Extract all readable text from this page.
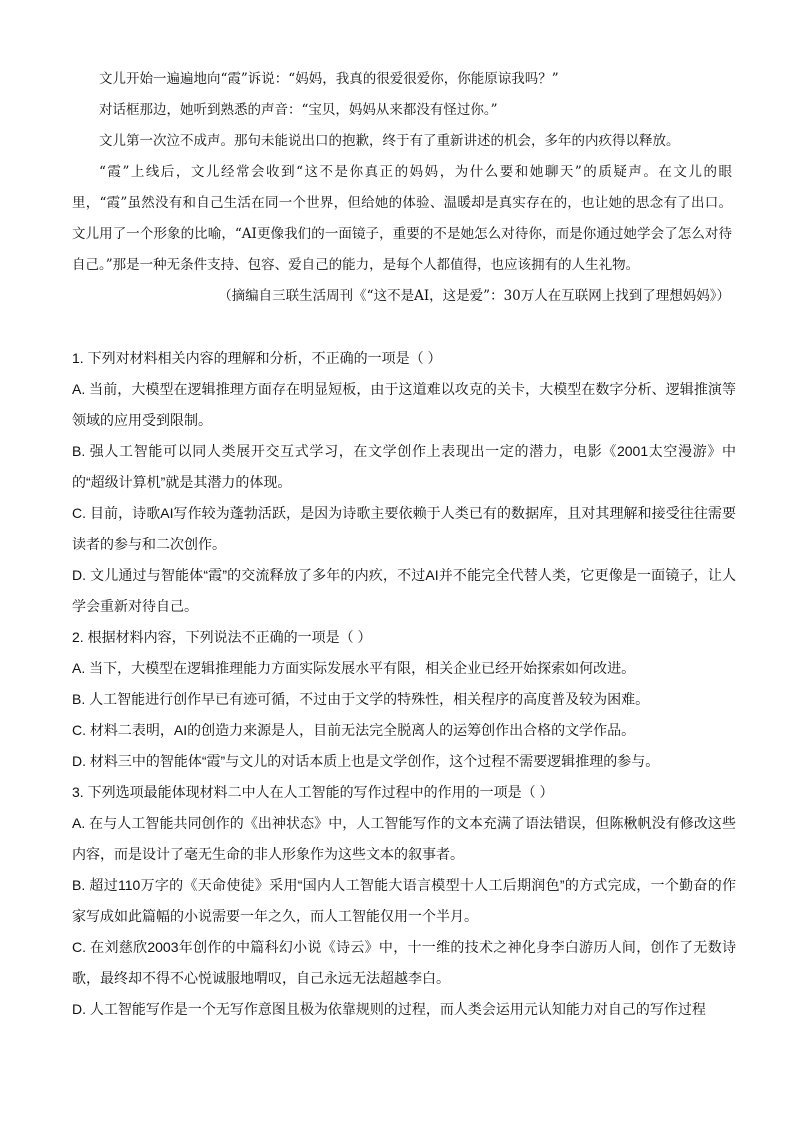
文儿开始一遍遍地向“霞”诉说：“妈妈，我真的很爱很爱你，你能原谅我吗？”

对话框那边，她听到熟悉的声音：“宝贝，妈妈从来都没有怪过你。”

文儿第一次泣不成声。那句未能说出口的抱歉，终于有了重新讲述的机会，多年的内疚得以释放。

“霞”上线后，文儿经常会收到“这不是你真正的妈妈，为什么要和她聊天”的质疑声。在文儿的眼里，“霞”虽然没有和自己生活在同一个世界，但给她的体验、温暖却是真实存在的，也让她的思念有了出口。文儿用了一个形象的比喻，“AI更像我们的一面镜子，重要的不是她怎么对待你，而是你通过她学会了怎么对待自己。”那是一种无条件支持、包容、爱自己的能力，是每个人都值得，也应该拥有的人生礼物。

（摘编自三联生活周刊《“这不是AI，这是爱”：30万人在互联网上找到了理想妈妈》）

1. 下列对材料相关内容的理解和分析，不正确的一项是（ ）

A. 当前，大模型在逻辑推理方面存在明显短板，由于这道难以攻克的关卡，大模型在数字分析、逻辑推演等领域的应用受到限制。

B. 强人工智能可以同人类展开交互式学习，在文学创作上表现出一定的潜力，电影《2001太空漫游》中的“超级计算机”就是其潜力的体现。

C. 目前，诗歌AI写作较为蓬勃活跃，是因为诗歌主要依赖于人类已有的数据库，且对其理解和接受往往需要读者的参与和二次创作。

D. 文儿通过与智能体“霞”的交流释放了多年的内疚，不过AI并不能完全代替人类，它更像是一面镜子，让人学会重新对待自己。

2. 根据材料内容，下列说法不正确的一项是（ ）

A. 当下，大模型在逻辑推理能力方面实际发展水平有限，相关企业已经开始探索如何改进。

B. 人工智能进行创作早已有迹可循，不过由于文学的特殊性，相关程序的高度普及较为困难。

C. 材料二表明，AI的创造力来源是人，目前无法完全脱离人的运筹创作出合格的文学作品。

D. 材料三中的智能体“霞”与文儿的对话本质上也是文学创作，这个过程不需要逻辑推理的参与。

3. 下列选项最能体现材料二中人在人工智能的写作过程中的作用的一项是（ ）

A. 在与人工智能共同创作的《出神状态》中，人工智能写作的文本充满了语法错误，但陈楸帆没有修改这些内容，而是设计了毫无生命的非人形象作为这些文本的叙事者。

B. 超过110万字的《天命使徒》采用“国内人工智能大语言模型十人工后期润色”的方式完成，一个勤奋的作家写成如此篇幅的小说需要一年之久，而人工智能仅用一个半月。

C. 在刘慈欣2003年创作的中篇科幻小说《诗云》中，十一维的技术之神化身李白游历人间，创作了无数诗歌，最终却不得不心悦诚服地喟叹，自己永远无法超越李白。

D. 人工智能写作是一个无写作意图且极为依靠规则的过程，而人类会运用元认知能力对自己的写作过程
